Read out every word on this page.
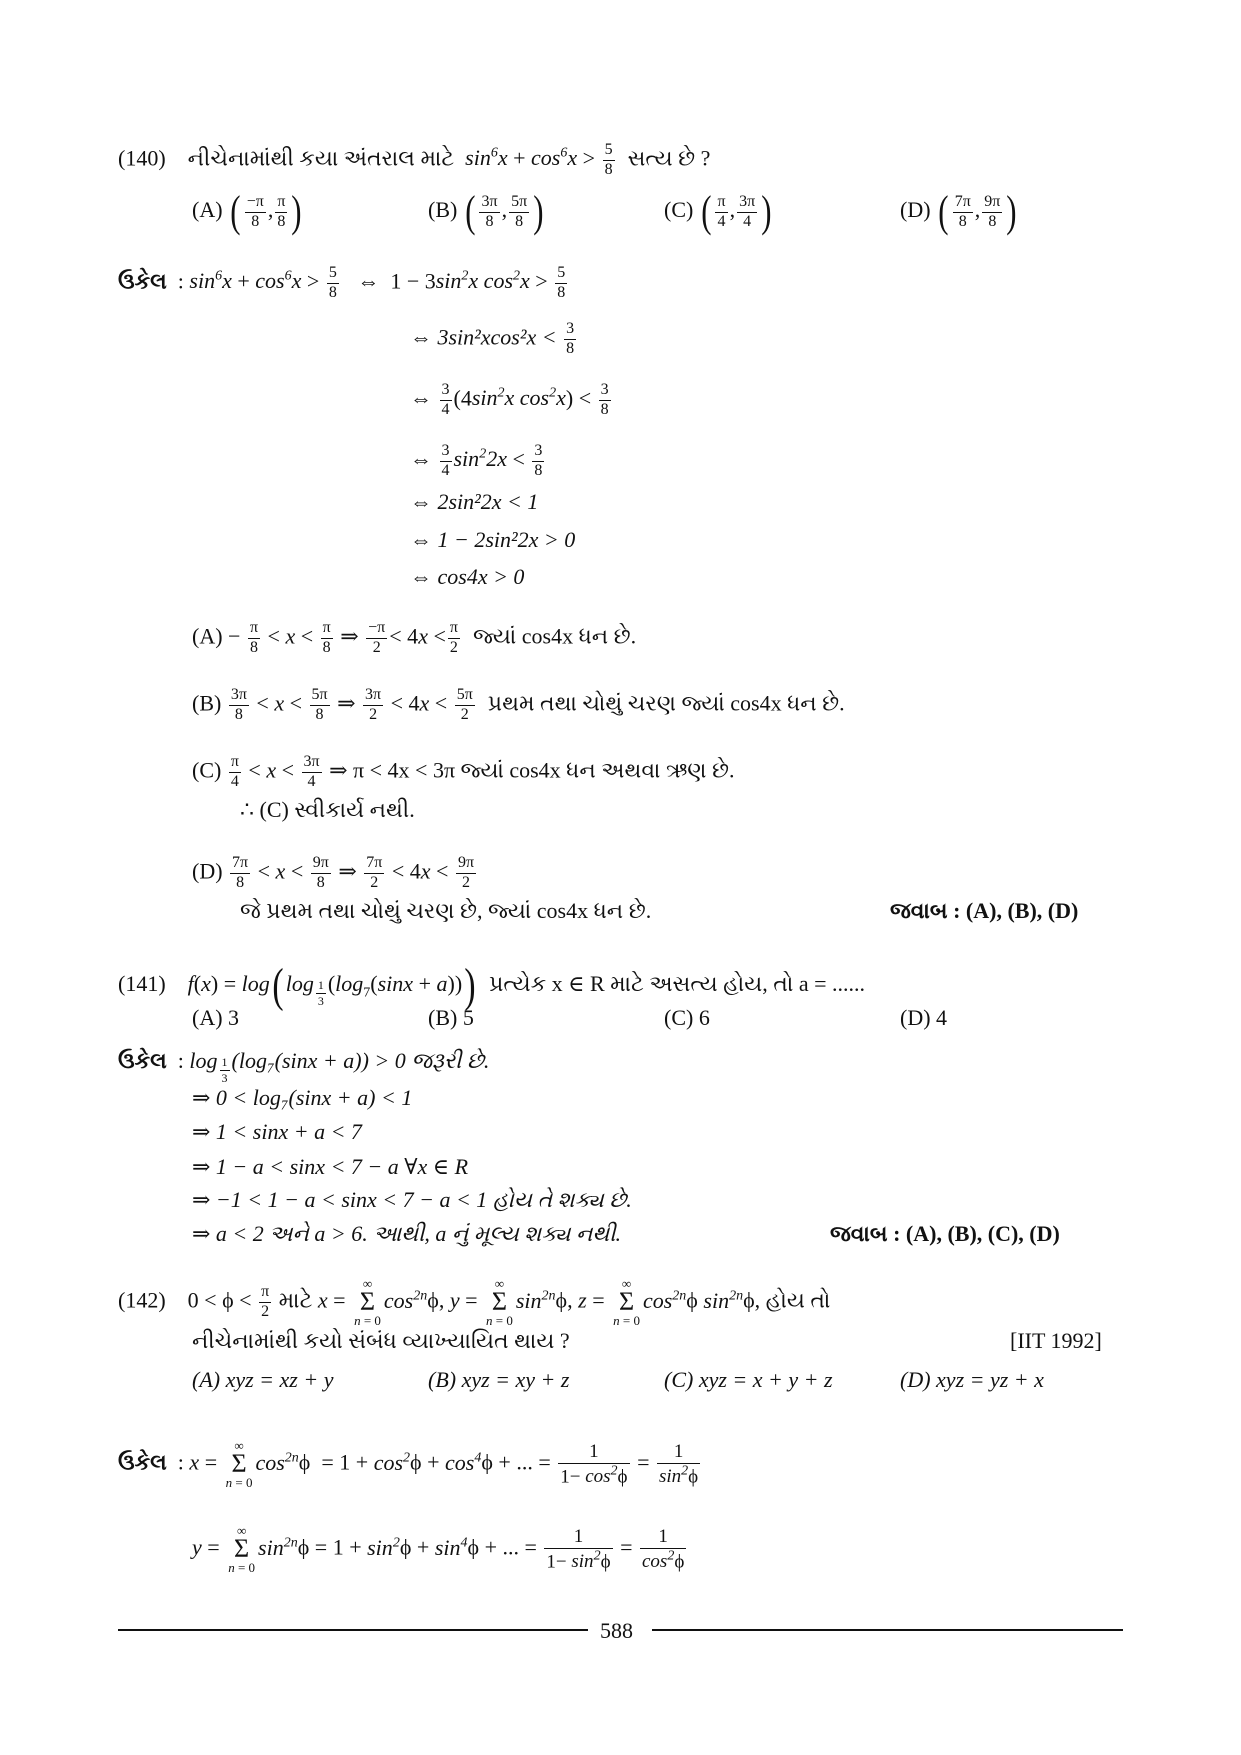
(140) નીચેનામાંથી કયા અંતરાલ માટે $\sin^6x + \cos^6x > \frac{5}{8}$ સત્ય છે ?
(A) ( $\frac{-\pi}{8}$ , $\frac{\pi}{8}$ )	(B) ( $\frac{3\pi}{8}$ , $\frac{5\pi}{8}$ )	(C) ( $\frac{\pi}{4}$ , $\frac{3\pi}{4}$ )	(D) ( $\frac{7\pi}{8}$ , $\frac{9\pi}{8}$ )
ઉકેલ  : $\sin^6x + \cos^6x > \frac{5}{8}$ ⇔  $1 - 3\sin^2x$ $\cos^2x > \frac{5}{8}$
⇔ $3\sin^2xcos^2x < \frac{3}{8}$
⇔ $\frac{3}{4} (4\sin^2x$ $\cos^2x) < \frac{3}{8}$
⇔ $\frac{3}{4} \sin^22x < \frac{3}{8}$
⇔ 2sin²2x < 1
⇔ 1 − 2sin²2x > 0
⇔ cos4x > 0
$(A) - \frac{\pi}{8} < x < \frac{\pi}{8}$ ⇒ $\frac{-\pi}{2} < 4x < \frac{\pi}{2}$ જ્યાં cos4x ધન છે.
$(B) \frac{3\pi}{8} < x < \frac{5\pi}{8}$ ⇒ $\frac{3\pi}{2} < 4x < \frac{5\pi}{2}$ પ્રથમ તથા ચોથું ચરણ જ્યાં cos4x ધન છે.
$(C) \frac{\pi}{4} < x < \frac{3\pi}{4}$ ⇒ π < 4x < 3π જ્યાં cos4x ધન અથવા ઋણ છે.
∴ (C) સ્વીકાર્ય નથી.
$(D) \frac{7\pi}{8} < x < \frac{9\pi}{8}$ ⇒ $\frac{7\pi}{2} < 4x < \frac{9\pi}{2}$
જે પ્રથમ તથા ચોથું ચરણ છે, જ્યાં cos4x ધન છે.	જવાબ : (A), (B), (D)
(141) f(x) = log( log $_{\frac{1}{3}}$ $(\log_7(\sin x + a))$) પ્રત્યેક x ∈ R માટે અસત્ય હોય, તો a = ......
(A) 3	(B) 5	(C) 6	(D) 4
ઉકેલ  : log $_{\frac{1}{3}}$ (log₇(sinx + a)) > 0 જરૂરી છે.
⇒ 0 < log₇(sinx + a) < 1
⇒ 1 < sinx + a < 7
⇒ 1 − a < sinx < 7 − a ∀x ∈ R
⇒ −1 < 1 − a < sinx < 7 − a < 1 હોય તે શક્ય છે.
⇒ a < 2 અને a > 6. આથી, a નું મૂલ્ય શક્ય નથી.	જવાબ : (A), (B), (C), (D)
(142)    $0 < \phi < \frac{\pi}{2}$ માટે x = ∞
Σ
$n = 0\cos^{2n}\phi$, y = ∞
Σ
$n = 0\sin^{2n}\phi$, z = ∞
Σ
$n = 0\cos^{2n}\phi$ $\sin^{2n}\phi$, હોય તો
નીચેનામાંથી કયો સંબંધ વ્યાખ્યાયિત થાય ?	[IIT 1992]
(A) xyz = xz + y	(B) xyz = xy + z	(C) xyz = x + y + z	(D) xyz = yz + x
ઉકેલ  : x = ∞
Σ
$n = 0\cos^{2n}\phi = 1 + \cos^2\phi + \cos^4\phi$ + ... = $\frac{1}{1- \cos^2\phi} = \frac{1}{\sin^2\phi}$
y = ∞
Σ
$n = 0\sin^{2n}\phi = 1 + \sin^2\phi + \sin^4\phi$ + ... = $\frac{1}{1- \sin^2\phi} = \frac{1}{\cos^2\phi}$
588
